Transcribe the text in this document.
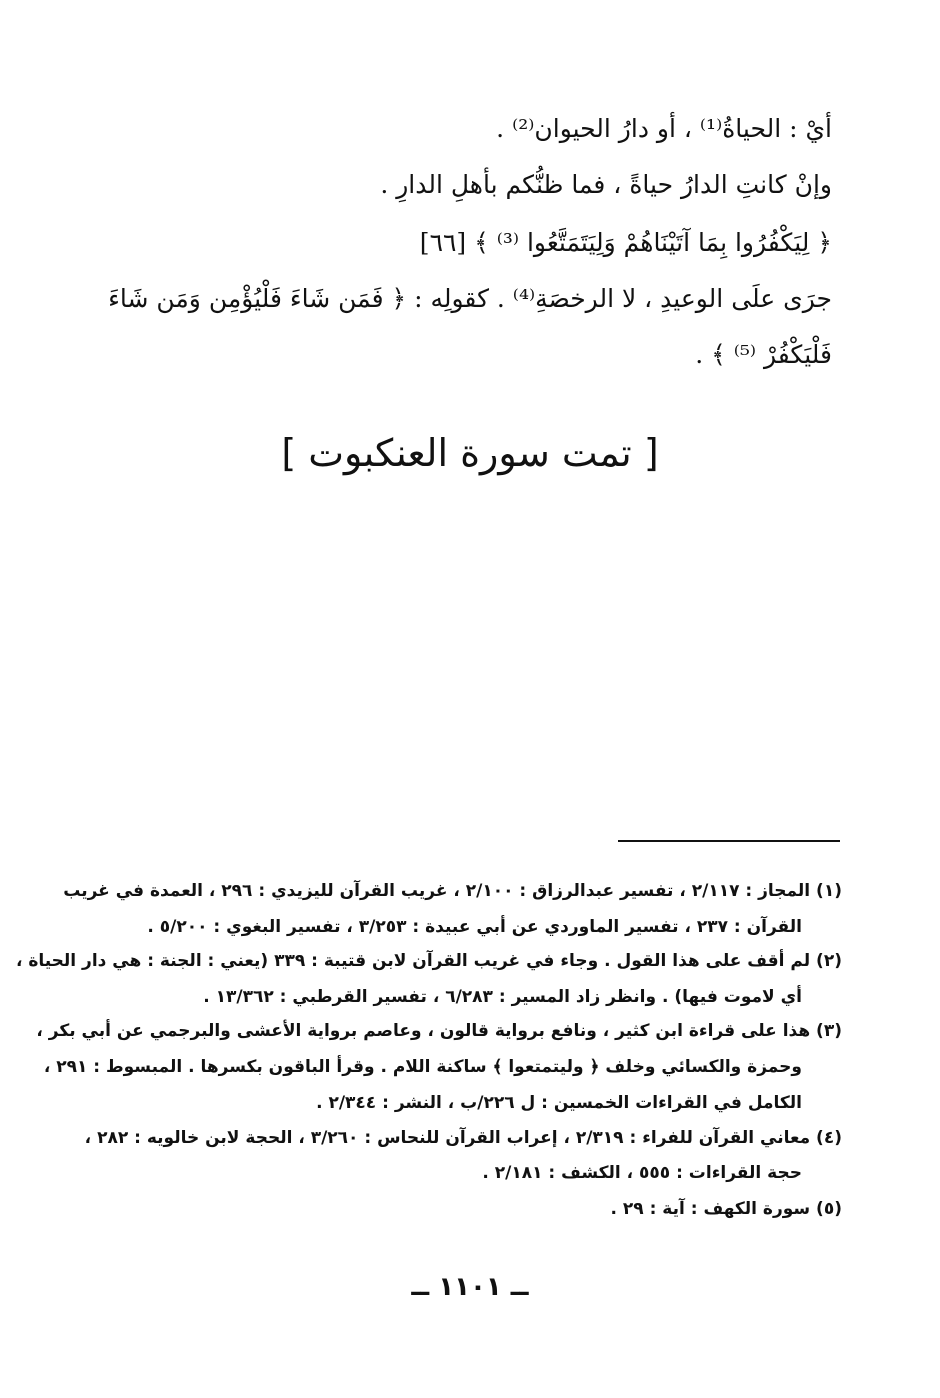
أيْ : الحياةُ⁽¹⁾ ، أو دارُ الحيوان⁽²⁾ .
وإنْ كانتِ الدارُ حياةً ، فما ظنُّكم بأهلِ الدارِ .
﴿ لِيَكْفُرُوا بِمَا آتَيْنَاهُمْ وَلِيَتَمَتَّعُوا ⁽³⁾ ﴾ [٦٦]
جرَى علَى الوعيدِ ، لا الرخصَةِ⁽⁴⁾ . كقولِه : ﴿ فَمَن شَاءَ فَلْيُؤْمِن وَمَن شَاءَ
فَلْيَكْفُرْ ⁽⁵⁾ ﴾ .
[ تمت سورة العنكبوت ]
(١) المجاز : ٢/١١٧ ، تفسير عبدالرزاق : ٢/١٠٠ ، غريب القرآن لليزيدي : ٢٩٦ ، العمدة في غريب
القرآن : ٢٣٧ ، تفسير الماوردي عن أبي عبيدة : ٣/٢٥٣ ، تفسير البغوي : ٥/٢٠٠ .
(٢) لم أقف على هذا القول . وجاء في غريب القرآن لابن قتيبة : ٣٣٩ (يعني : الجنة : هي دار الحياة ،
أي لاموت فيها) . وانظر زاد المسير : ٦/٢٨٣ ، تفسير القرطبي : ١٣/٣٦٢ .
(٣) هذا على قراءة ابن كثير ، ونافع برواية قالون ، وعاصم برواية الأعشى والبرجمي عن أبي بكر ،
وحمزة والكسائي وخلف ﴿ وليتمتعوا ﴾ ساكنة اللام . وقرأ الباقون بكسرها . المبسوط : ٢٩١ ،
الكامل في القراءات الخمسين : ل ٢٢٦/ب ، النشر : ٢/٣٤٤ .
(٤) معاني القرآن للفراء : ٢/٣١٩ ، إعراب القرآن للنحاس : ٣/٢٦٠ ، الحجة لابن خالويه : ٢٨٢ ،
حجة القراءات : ٥٥٥ ، الكشف : ٢/١٨١ .
(٥) سورة الكهف : آية : ٢٩ .
ــ ١١٠١ ــ
